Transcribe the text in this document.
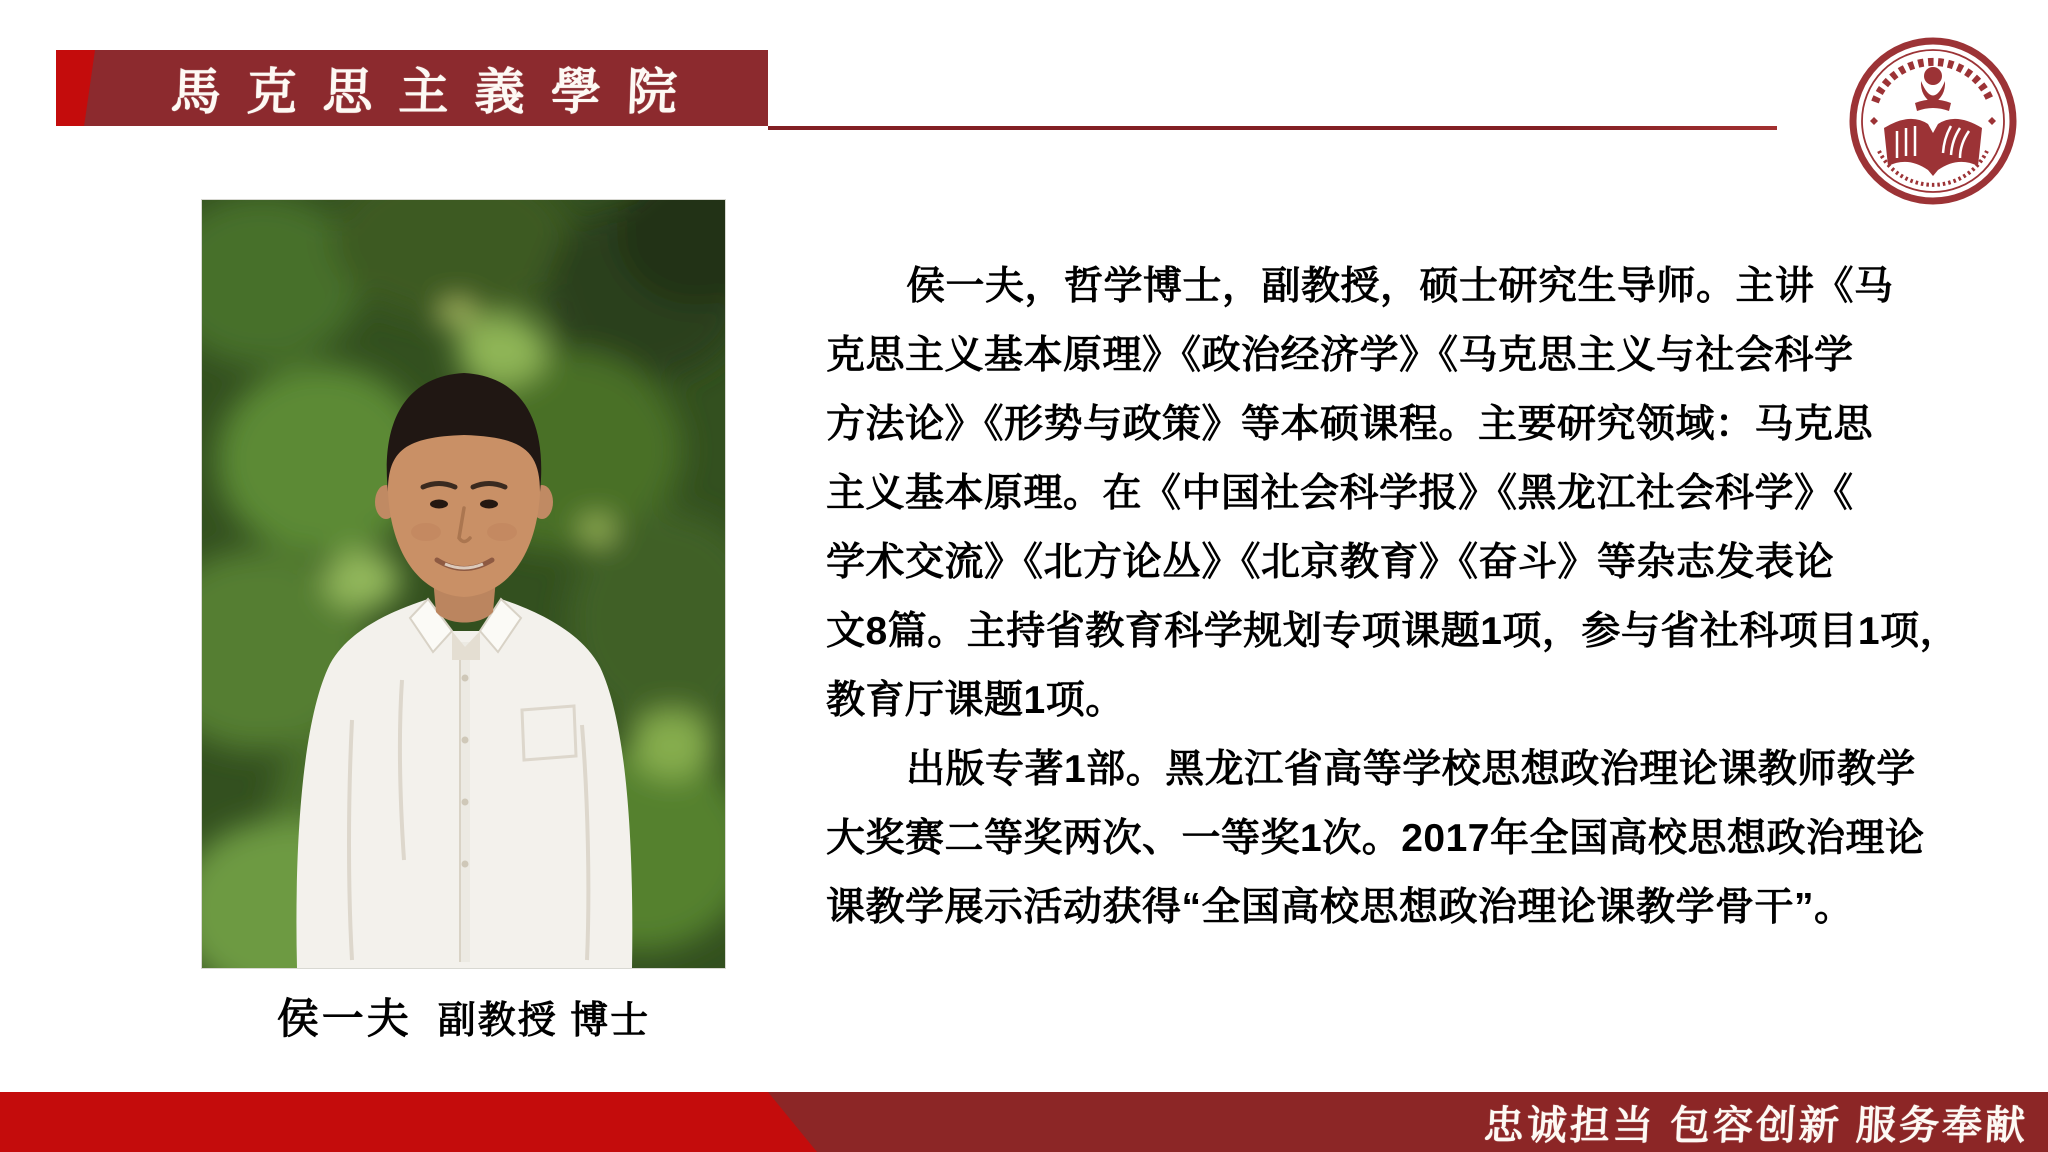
馬克思主義學院
侯一夫 副教授 博士
侯一夫，哲学博士，副教授，硕士研究生导师。主讲《马
克思主义基本原理》《政治经济学》《马克思主义与社会科学
方法论》《形势与政策》等本硕课程。主要研究领域：马克思
主义基本原理。在《中国社会科学报》《黑龙江社会科学》《
学术交流》《北方论丛》《北京教育》《奋斗》等杂志发表论
文8篇。主持省教育科学规划专项课题1项，参与省社科项目1项，
教育厅课题1项。
出版专著1部。黑龙江省高等学校思想政治理论课教师教学
大奖赛二等奖两次、一等奖1次。2017年全国高校思想政治理论
课教学展示活动获得“全国高校思想政治理论课教学骨干”。
忠诚担当 包容创新 服务奉献
